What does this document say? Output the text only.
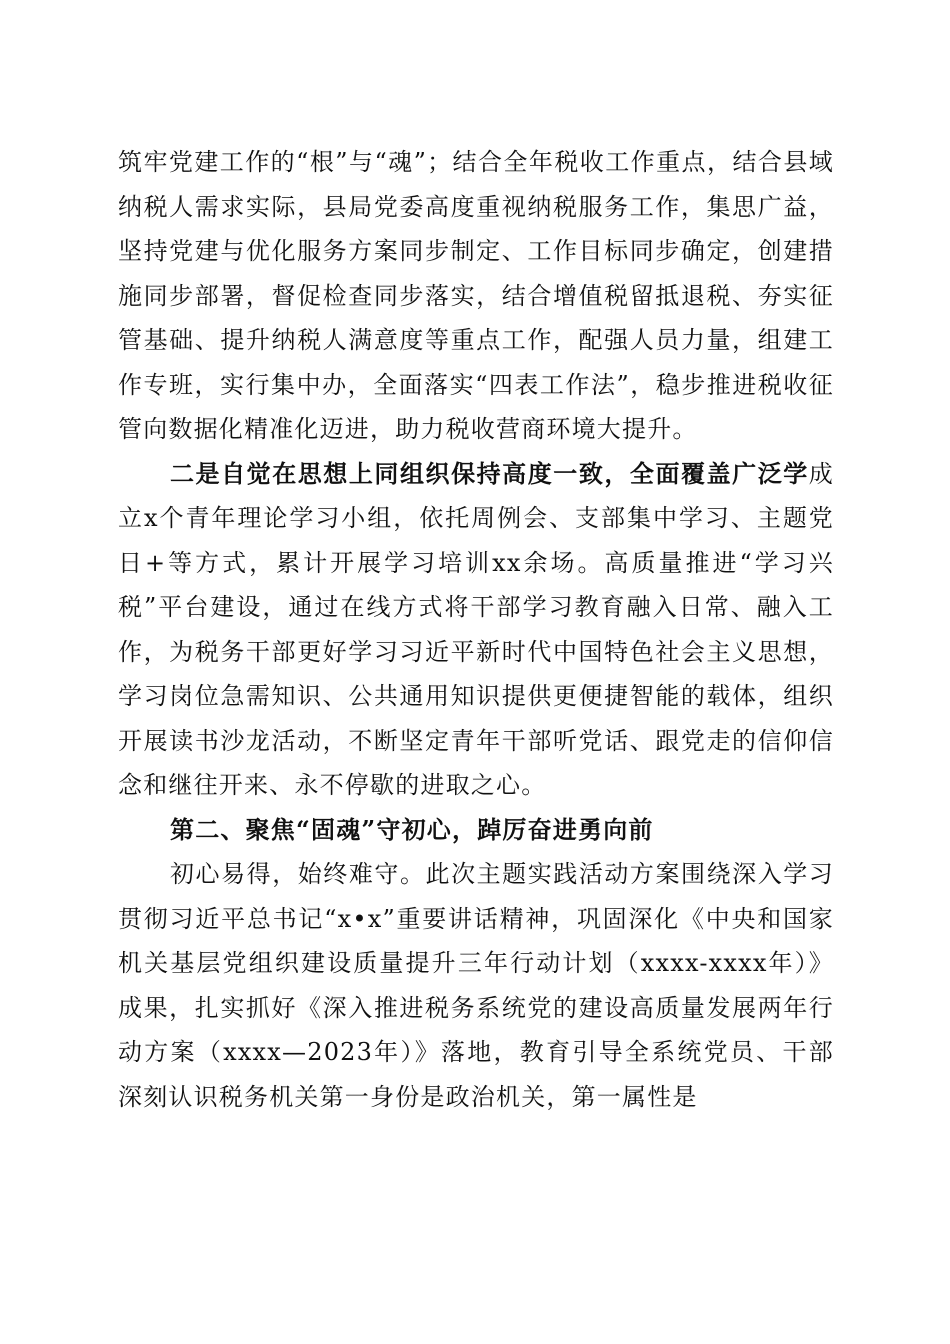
筑牢党建工作的“根”与“魂”；结合全年税收工作重点，结合县域纳税人需求实际，县局党委高度重视纳税服务工作，集思广益，坚持党建与优化服务方案同步制定、工作目标同步确定，创建措施同步部署，督促检查同步落实，结合增值税留抵退税、夯实征管基础、提升纳税人满意度等重点工作，配强人员力量，组建工作专班，实行集中办，全面落实“四表工作法”，稳步推进税收征管向数据化精准化迈进，助力税收营商环境大提升。

二是自觉在思想上同组织保持高度一致，全面覆盖广泛学成立x个青年理论学习小组，依托周例会、支部集中学习、主题党日+等方式，累计开展学习培训xx余场。高质量推进“学习兴税”平台建设，通过在线方式将干部学习教育融入日常、融入工作，为税务干部更好学习习近平新时代中国特色社会主义思想，学习岗位急需知识、公共通用知识提供更便捷智能的载体，组织开展读书沙龙活动，不断坚定青年干部听党话、跟党走的信仰信念和继往开来、永不停歇的进取之心。

第二、聚焦“固魂”守初心，踔厉奋进勇向前

初心易得，始终难守。此次主题实践活动方案围绕深入学习贯彻习近平总书记“x•x”重要讲话精神，巩固深化《中央和国家机关基层党组织建设质量提升三年行动计划（xxxx-xxxx年）》成果，扎实抓好《深入推进税务系统党的建设高质量发展两年行动方案（xxxx—2023年）》落地，教育引导全系统党员、干部深刻认识税务机关第一身份是政治机关，第一属性是
